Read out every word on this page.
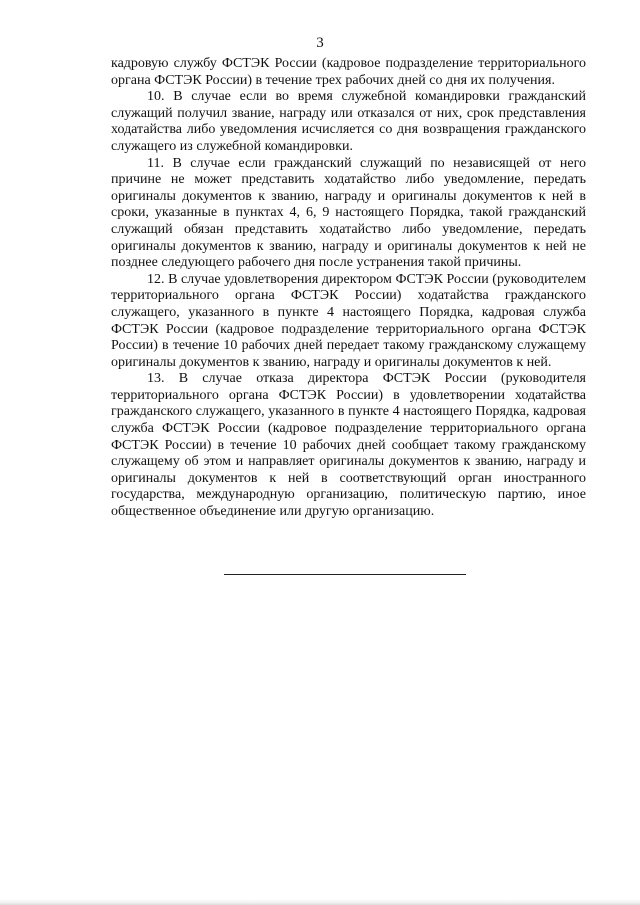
3

кадровую службу ФСТЭК России (кадровое подразделение территориального органа ФСТЭК России) в течение трех рабочих дней со дня их получения.

10. В случае если во время служебной командировки гражданский служащий получил звание, награду или отказался от них, срок представления ходатайства либо уведомления исчисляется со дня возвращения гражданского служащего из служебной командировки.

11. В случае если гражданский служащий по независящей от него причине не может представить ходатайство либо уведомление, передать оригиналы документов к званию, награду и оригиналы документов к ней в сроки, указанные в пунктах 4, 6, 9 настоящего Порядка, такой гражданский служащий обязан представить ходатайство либо уведомление, передать оригиналы документов к званию, награду и оригиналы документов к ней не позднее следующего рабочего дня после устранения такой причины.

12. В случае удовлетворения директором ФСТЭК России (руководителем территориального органа ФСТЭК России) ходатайства гражданского служащего, указанного в пункте 4 настоящего Порядка, кадровая служба ФСТЭК России (кадровое подразделение территориального органа ФСТЭК России) в течение 10 рабочих дней передает такому гражданскому служащему оригиналы документов к званию, награду и оригиналы документов к ней.

13. В случае отказа директора ФСТЭК России (руководителя территориального органа ФСТЭК России) в удовлетворении ходатайства гражданского служащего, указанного в пункте 4 настоящего Порядка, кадровая служба ФСТЭК России (кадровое подразделение территориального органа ФСТЭК России) в течение 10 рабочих дней сообщает такому гражданскому служащему об этом и направляет оригиналы документов к званию, награду и оригиналы документов к ней в соответствующий орган иностранного государства, международную организацию, политическую партию, иное общественное объединение или другую организацию.
